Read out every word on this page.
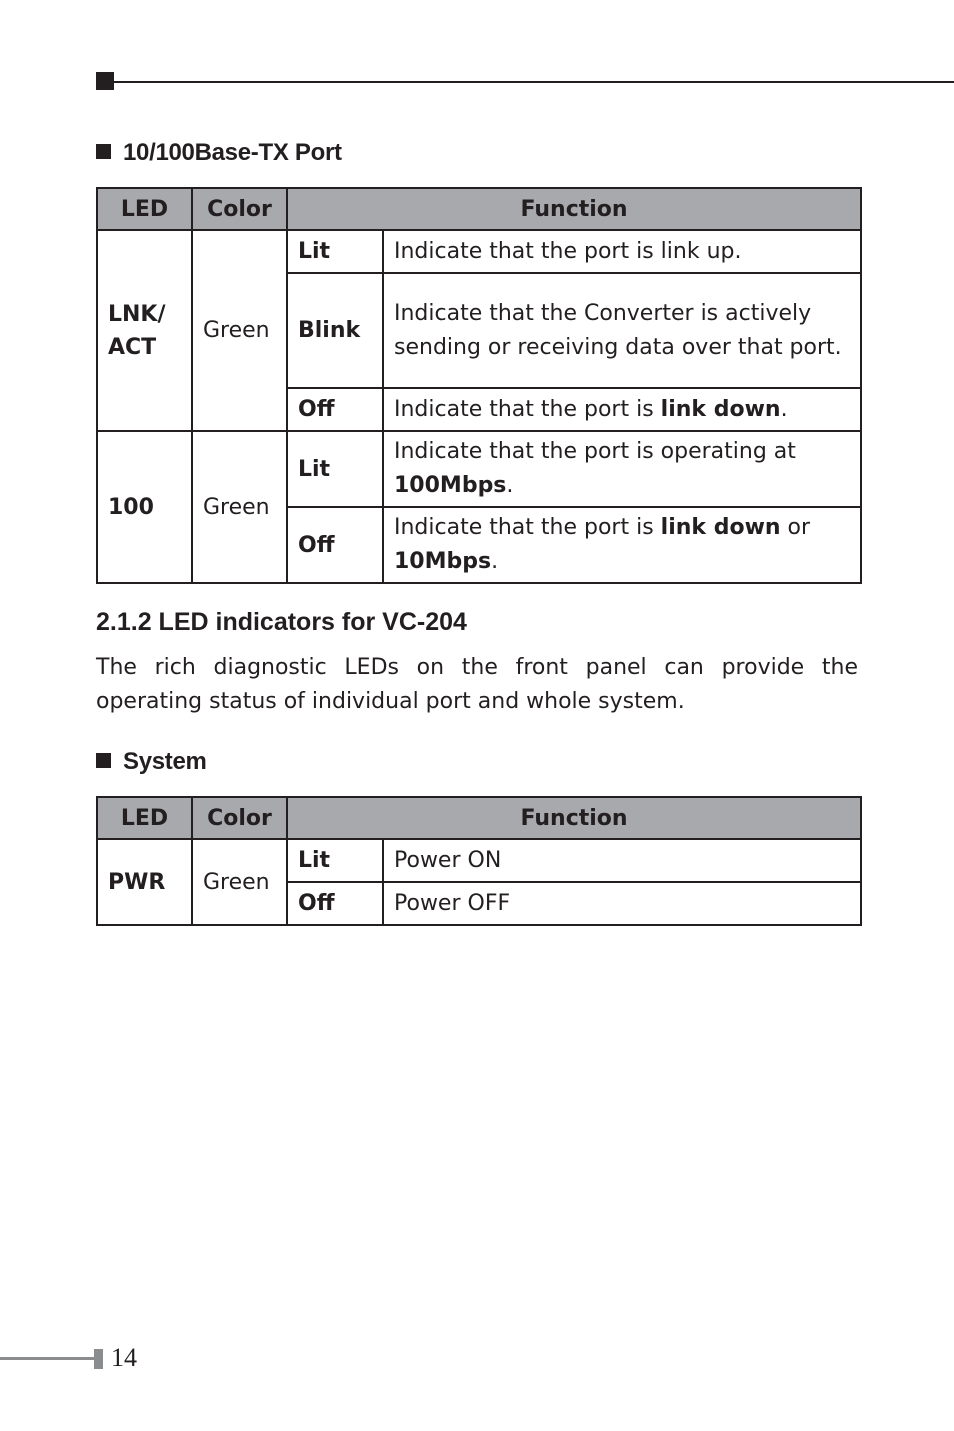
10/100Base-TX Port
LED	Color	Function	
LNK/ ACT	Green	Lit	Indicate that the port is link up.
		Blink	Indicate that the Converter is actively sending or receiving data over that port.
		Off	Indicate that the port is link down.
100	Green	Lit	Indicate that the port is operating at 100Mbps.
		Off	Indicate that the port is link down or 10Mbps.
2.1.2 LED indicators for VC-204
The rich diagnostic LEDs on the front panel can provide the operating status of individual port and whole system.
System
LED	Color	Function	
PWR	Green	Lit	Power ON
		Off	Power OFF
14
